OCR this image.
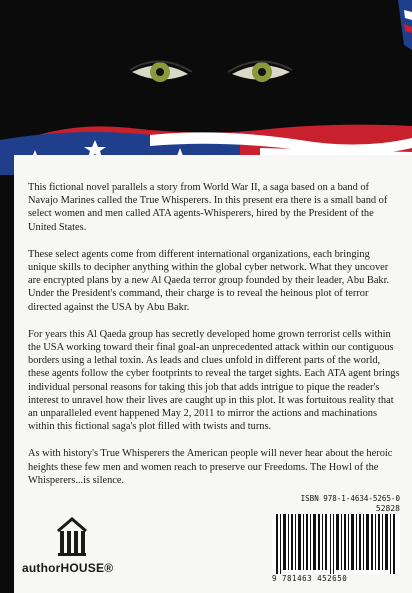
This fictional novel parallels a story from World War II, a saga based on a band of Navajo Marines called the True Whisperers. In this present era there is a small band of select women and men called ATA agents-Whisperers, hired by the President of the United States.

These select agents come from different international organizations, each bringing unique skills to decipher anything within the global cyber network. What they uncover are encrypted plans by a new Al Qaeda terror group founded by their leader, Abu Bakr. Under the President's command, their charge is to reveal the heinous plot of terror directed against the USA by Abu Bakr.

For years this Al Qaeda group has secretly developed home grown terrorist cells within the USA working toward their final goal-an unprecedented attack within our contiguous borders using a lethal toxin. As leads and clues unfold in different parts of the world, these agents follow the cyber footprints to reveal the target sights. Each ATA agent brings individual personal reasons for taking this job that adds intrigue to pique the reader's interest to unravel how their lives are caught up in this plot. It was fortuitous reality that an unparalleled event happened May 2, 2011 to mirror the actions and machinations within this fictional saga's plot filled with twists and turns.

As with history's True Whisperers the American people will never hear about the heroic heights these few men and women reach to preserve our Freedoms. The Howl of the Whisperers...is silence.

authorHOUSE®
ISBN 978-1-4634-5265-0
52828
9 781463 452650
